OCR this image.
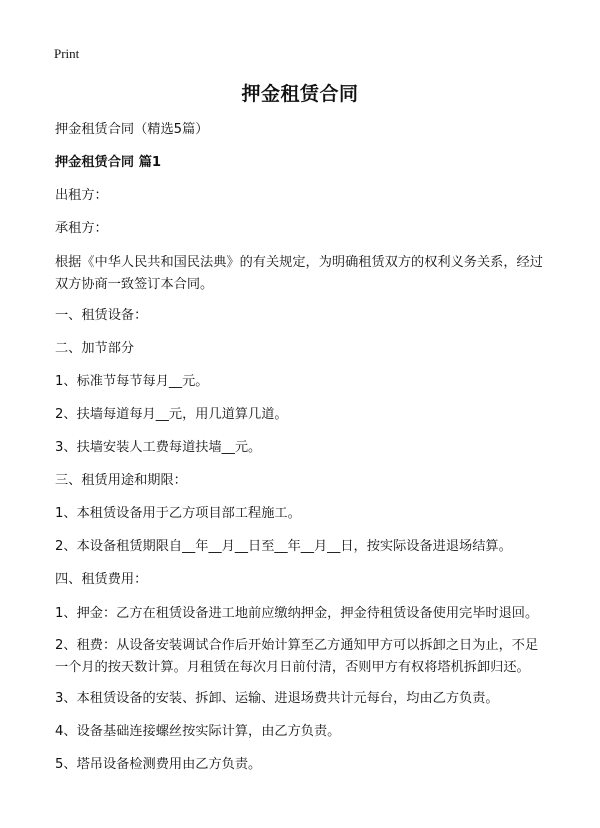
Print
押金租赁合同

押金租赁合同（精选5篇）

押金租赁合同 篇1

出租方：

承租方：

根据《中华人民共和国民法典》的有关规定，为明确租赁双方的权利义务关系，经过双方协商一致签订本合同。

一、租赁设备：

二、加节部分

1、标准节每节每月__元。

2、扶墙每道每月__元，用几道算几道。

3、扶墙安装人工费每道扶墙__元。

三、租赁用途和期限：

1、本租赁设备用于乙方项目部工程施工。

2、本设备租赁期限自__年__月__日至__年__月__日，按实际设备进退场结算。

四、租赁费用：

1、押金：乙方在租赁设备进工地前应缴纳押金，押金待租赁设备使用完毕时退回。

2、租费：从设备安装调试合作后开始计算至乙方通知甲方可以拆卸之日为止，不足一个月的按天数计算。月租赁在每次月日前付清，否则甲方有权将塔机拆卸归还。

3、本租赁设备的安装、拆卸、运输、进退场费共计元每台，均由乙方负责。

4、设备基础连接螺丝按实际计算，由乙方负责。

5、塔吊设备检测费用由乙方负责。
